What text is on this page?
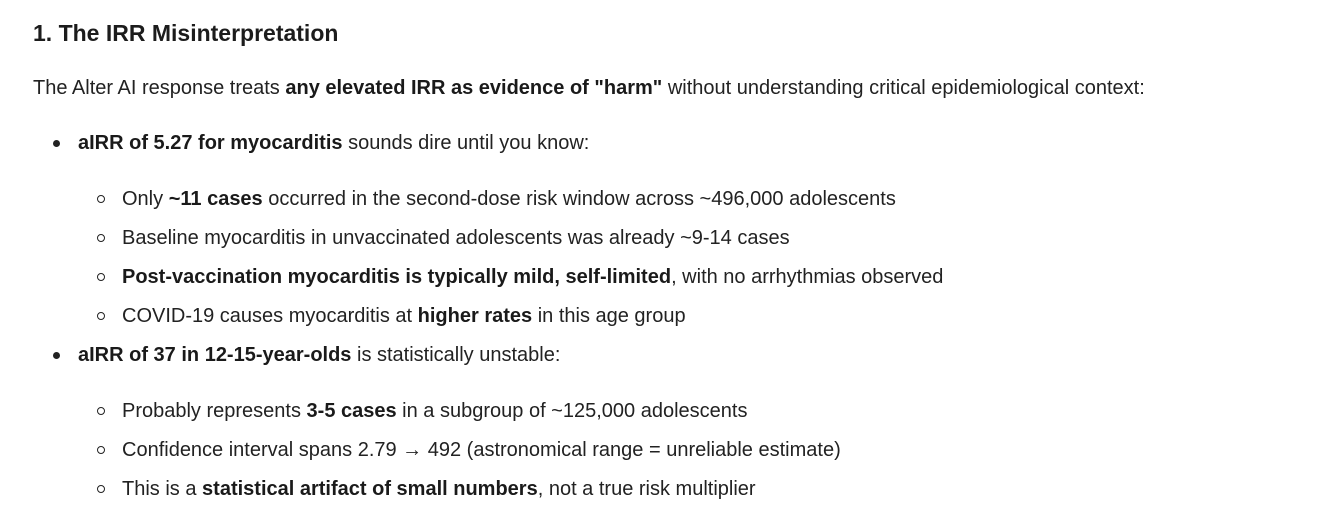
1. The IRR Misinterpretation
The Alter AI response treats any elevated IRR as evidence of "harm" without understanding critical epidemiological context:
aIRR of 5.27 for myocarditis sounds dire until you know:
Only ~11 cases occurred in the second-dose risk window across ~496,000 adolescents
Baseline myocarditis in unvaccinated adolescents was already ~9-14 cases
Post-vaccination myocarditis is typically mild, self-limited, with no arrhythmias observed
COVID-19 causes myocarditis at higher rates in this age group
aIRR of 37 in 12-15-year-olds is statistically unstable:
Probably represents 3-5 cases in a subgroup of ~125,000 adolescents
Confidence interval spans 2.79 → 492 (astronomical range = unreliable estimate)
This is a statistical artifact of small numbers, not a true risk multiplier
